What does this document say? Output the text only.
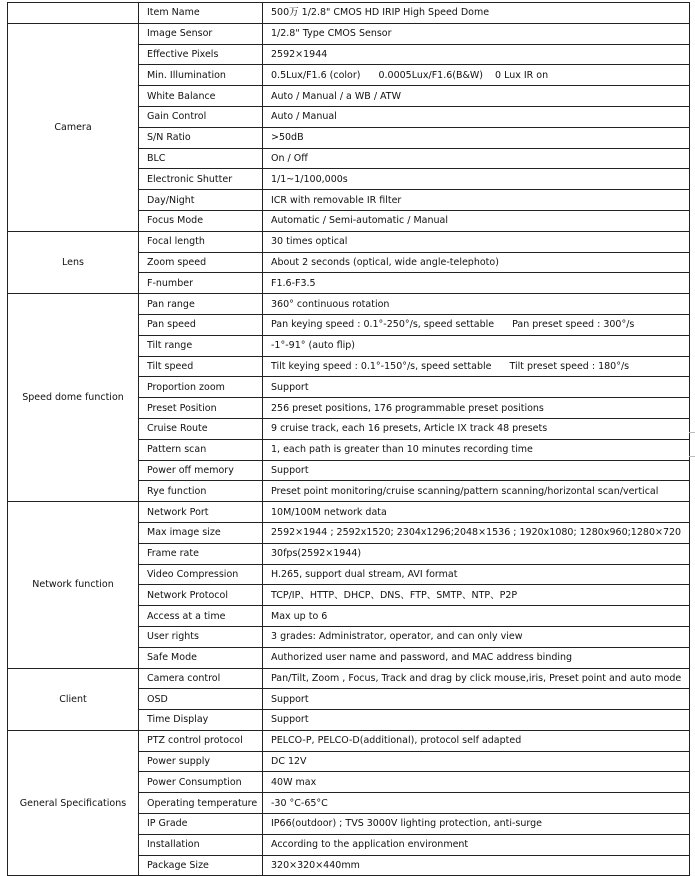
	Item Name	500万 1/2.8" CMOS HD IRIP High Speed Dome
Camera	Image Sensor	1/2.8" Type CMOS Sensor
	Effective Pixels	2592×1944
	Min. Illumination	0.5Lux/F1.6 (color) 0.0005Lux/F1.6(B&W) 0 Lux IR on
	White Balance	Auto / Manual / a WB / ATW
	Gain Control	Auto / Manual
	S/N Ratio	>50dB
	BLC	On / Off
	Electronic Shutter	1/1~1/100,000s
	Day/Night	ICR with removable IR filter
	Focus Mode	Automatic / Semi-automatic / Manual
Lens	Focal length	30 times optical
	Zoom speed	About 2 seconds (optical, wide angle-telephoto)
	F-number	F1.6-F3.5
Speed dome function	Pan range	360° continuous rotation
	Pan speed	Pan keying speed : 0.1°-250°/s, speed settable Pan preset speed : 300°/s
	Tilt range	-1°-91° (auto flip)
	Tilt speed	Tilt keying speed : 0.1°-150°/s, speed settable Tilt preset speed : 180°/s
	Proportion zoom	Support
	Preset Position	256 preset positions, 176 programmable preset positions
	Cruise Route	9 cruise track, each 16 presets, Article IX track 48 presets
	Pattern scan	1, each path is greater than 10 minutes recording time
	Power off memory	Support
	Rye function	Preset point monitoring/cruise scanning/pattern scanning/horizontal scan/vertical
Network function	Network Port	10M/100M network data
	Max image size	2592×1944 ; 2592x1520; 2304x1296;2048×1536 ; 1920x1080; 1280x960;1280×720
	Frame rate	30fps(2592×1944)
	Video Compression	H.265, support dual stream, AVI format
	Network Protocol	TCP/IP、HTTP、DHCP、DNS、FTP、SMTP、NTP、P2P
	Access at a time	Max up to 6
	User rights	3 grades: Administrator, operator, and can only view
	Safe Mode	Authorized user name and password, and MAC address binding
Client	Camera control	Pan/Tilt, Zoom , Focus, Track and drag by click mouse,iris, Preset point and auto mode
	OSD	Support
	Time Display	Support
General Specifications	PTZ control protocol	PELCO-P, PELCO-D(additional), protocol self adapted
	Power supply	DC 12V
	Power Consumption	40W max
	Operating temperature	-30 °C-65°C
	IP Grade	IP66(outdoor) ; TVS 3000V lighting protection, anti-surge
	Installation	According to the application environment
	Package Size	320×320×440mm
